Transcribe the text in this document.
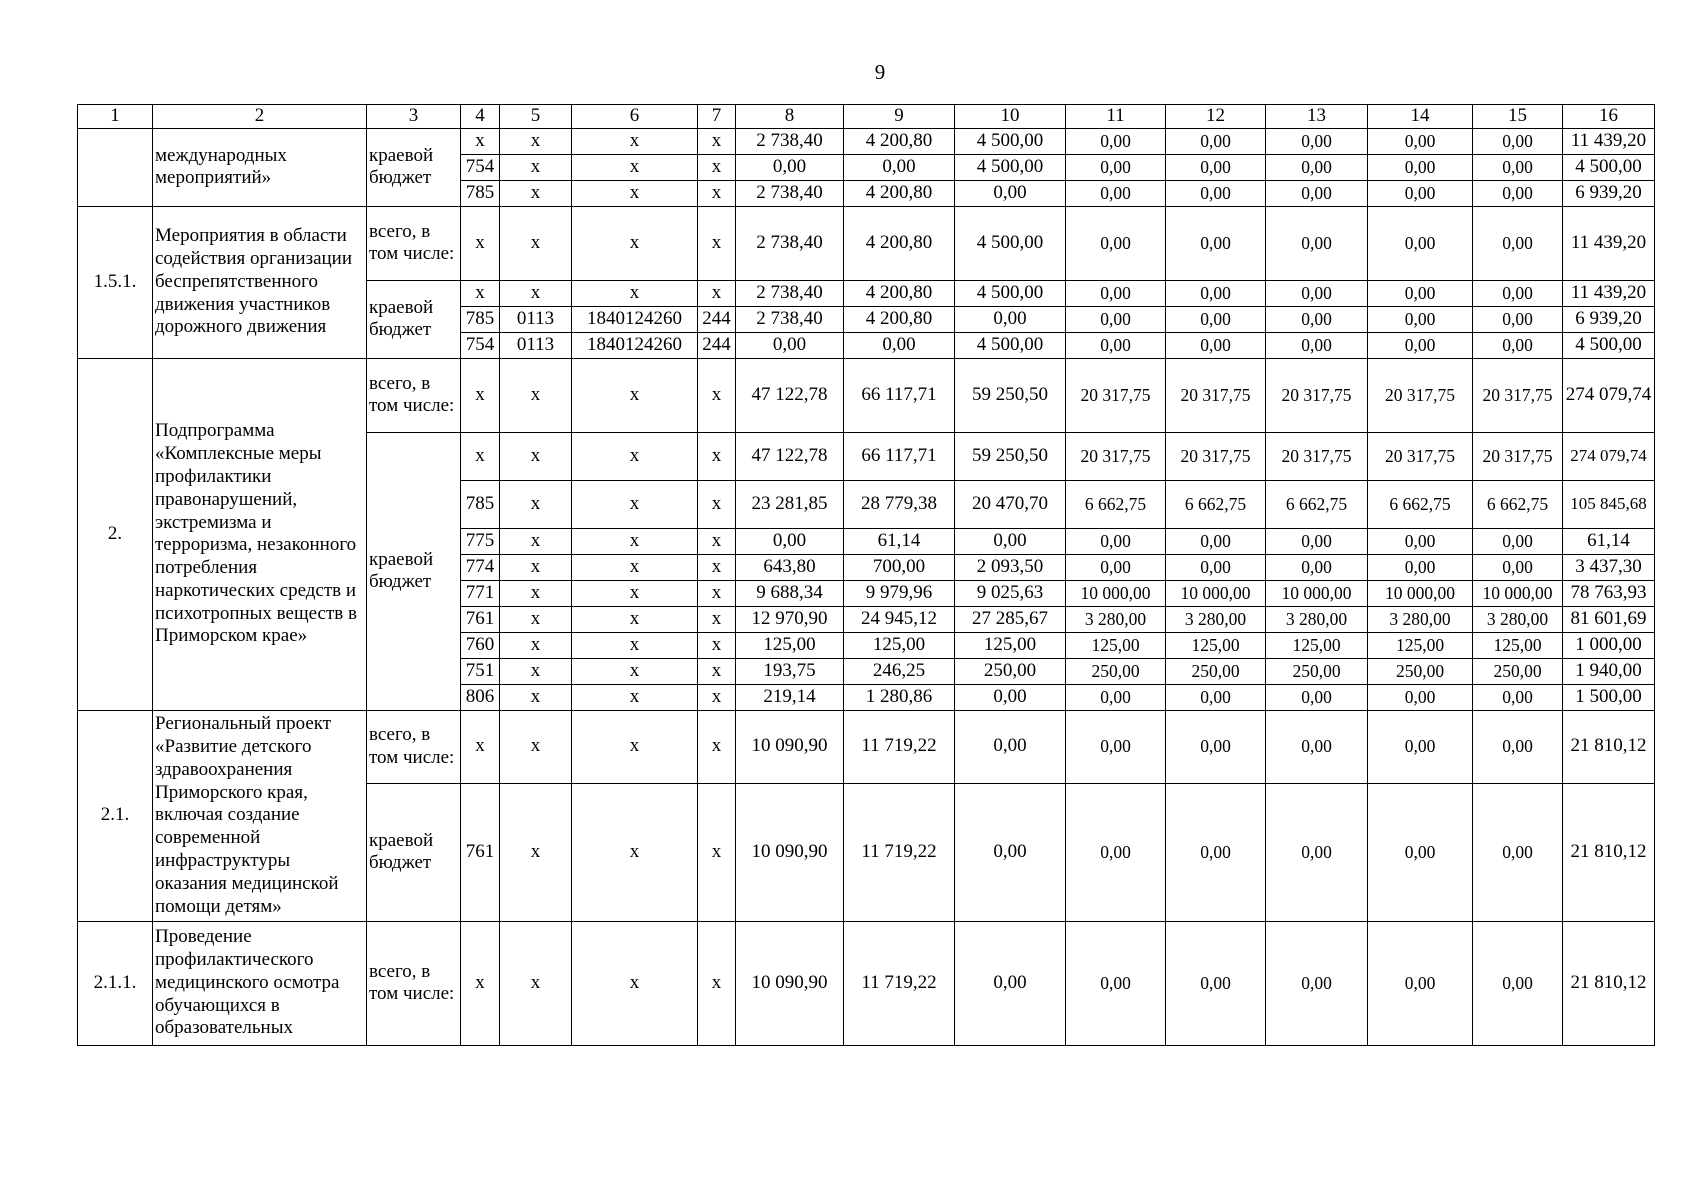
9
1	2	3	4	5	6	7	8	9	10	11	12	13	14	15	16
	международных мероприятий»	краевой бюджет	x	x	x	x	2 738,40	4 200,80	4 500,00	0,00	0,00	0,00	0,00	0,00	11 439,20
			754	x	x	x	0,00	0,00	4 500,00	0,00	0,00	0,00	0,00	0,00	4 500,00
			785	x	x	x	2 738,40	4 200,80	0,00	0,00	0,00	0,00	0,00	0,00	6 939,20
1.5.1.	Мероприятия в области содействия организации беспрепятственного движения участников дорожного движения	всего, в том числе:	x	x	x	x	2 738,40	4 200,80	4 500,00	0,00	0,00	0,00	0,00	0,00	11 439,20
		краевой бюджет	x	x	x	x	2 738,40	4 200,80	4 500,00	0,00	0,00	0,00	0,00	0,00	11 439,20
			785	0113	1840124260	244	2 738,40	4 200,80	0,00	0,00	0,00	0,00	0,00	0,00	6 939,20
			754	0113	1840124260	244	0,00	0,00	4 500,00	0,00	0,00	0,00	0,00	0,00	4 500,00
2.	Подпрограмма «Комплексные меры профилактики правонарушений, экстремизма и терроризма, незаконного потребления наркотических средств и психотропных веществ в Приморском крае»	всего, в том числе:	x	x	x	x	47 122,78	66 117,71	59 250,50	20 317,75	20 317,75	20 317,75	20 317,75	20 317,75	274 079,74
		краевой бюджет	x	x	x	x	47 122,78	66 117,71	59 250,50	20 317,75	20 317,75	20 317,75	20 317,75	20 317,75	274 079,74
			785	x	x	x	23 281,85	28 779,38	20 470,70	6 662,75	6 662,75	6 662,75	6 662,75	6 662,75	105 845,68
			775	x	x	x	0,00	61,14	0,00	0,00	0,00	0,00	0,00	0,00	61,14
			774	x	x	x	643,80	700,00	2 093,50	0,00	0,00	0,00	0,00	0,00	3 437,30
			771	x	x	x	9 688,34	9 979,96	9 025,63	10 000,00	10 000,00	10 000,00	10 000,00	10 000,00	78 763,93
			761	x	x	x	12 970,90	24 945,12	27 285,67	3 280,00	3 280,00	3 280,00	3 280,00	3 280,00	81 601,69
			760	x	x	x	125,00	125,00	125,00	125,00	125,00	125,00	125,00	125,00	1 000,00
			751	x	x	x	193,75	246,25	250,00	250,00	250,00	250,00	250,00	250,00	1 940,00
			806	x	x	x	219,14	1 280,86	0,00	0,00	0,00	0,00	0,00	0,00	1 500,00
2.1.	Региональный проект «Развитие детского здравоохранения Приморского края, включая создание современной инфраструктуры оказания медицинской помощи детям»	всего, в том числе:	x	x	x	x	10 090,90	11 719,22	0,00	0,00	0,00	0,00	0,00	0,00	21 810,12
		краевой бюджет	761	x	x	x	10 090,90	11 719,22	0,00	0,00	0,00	0,00	0,00	0,00	21 810,12
2.1.1.	Проведение профилактического медицинского осмотра обучающихся в образовательных	всего, в том числе:	x	x	x	x	10 090,90	11 719,22	0,00	0,00	0,00	0,00	0,00	0,00	21 810,12
